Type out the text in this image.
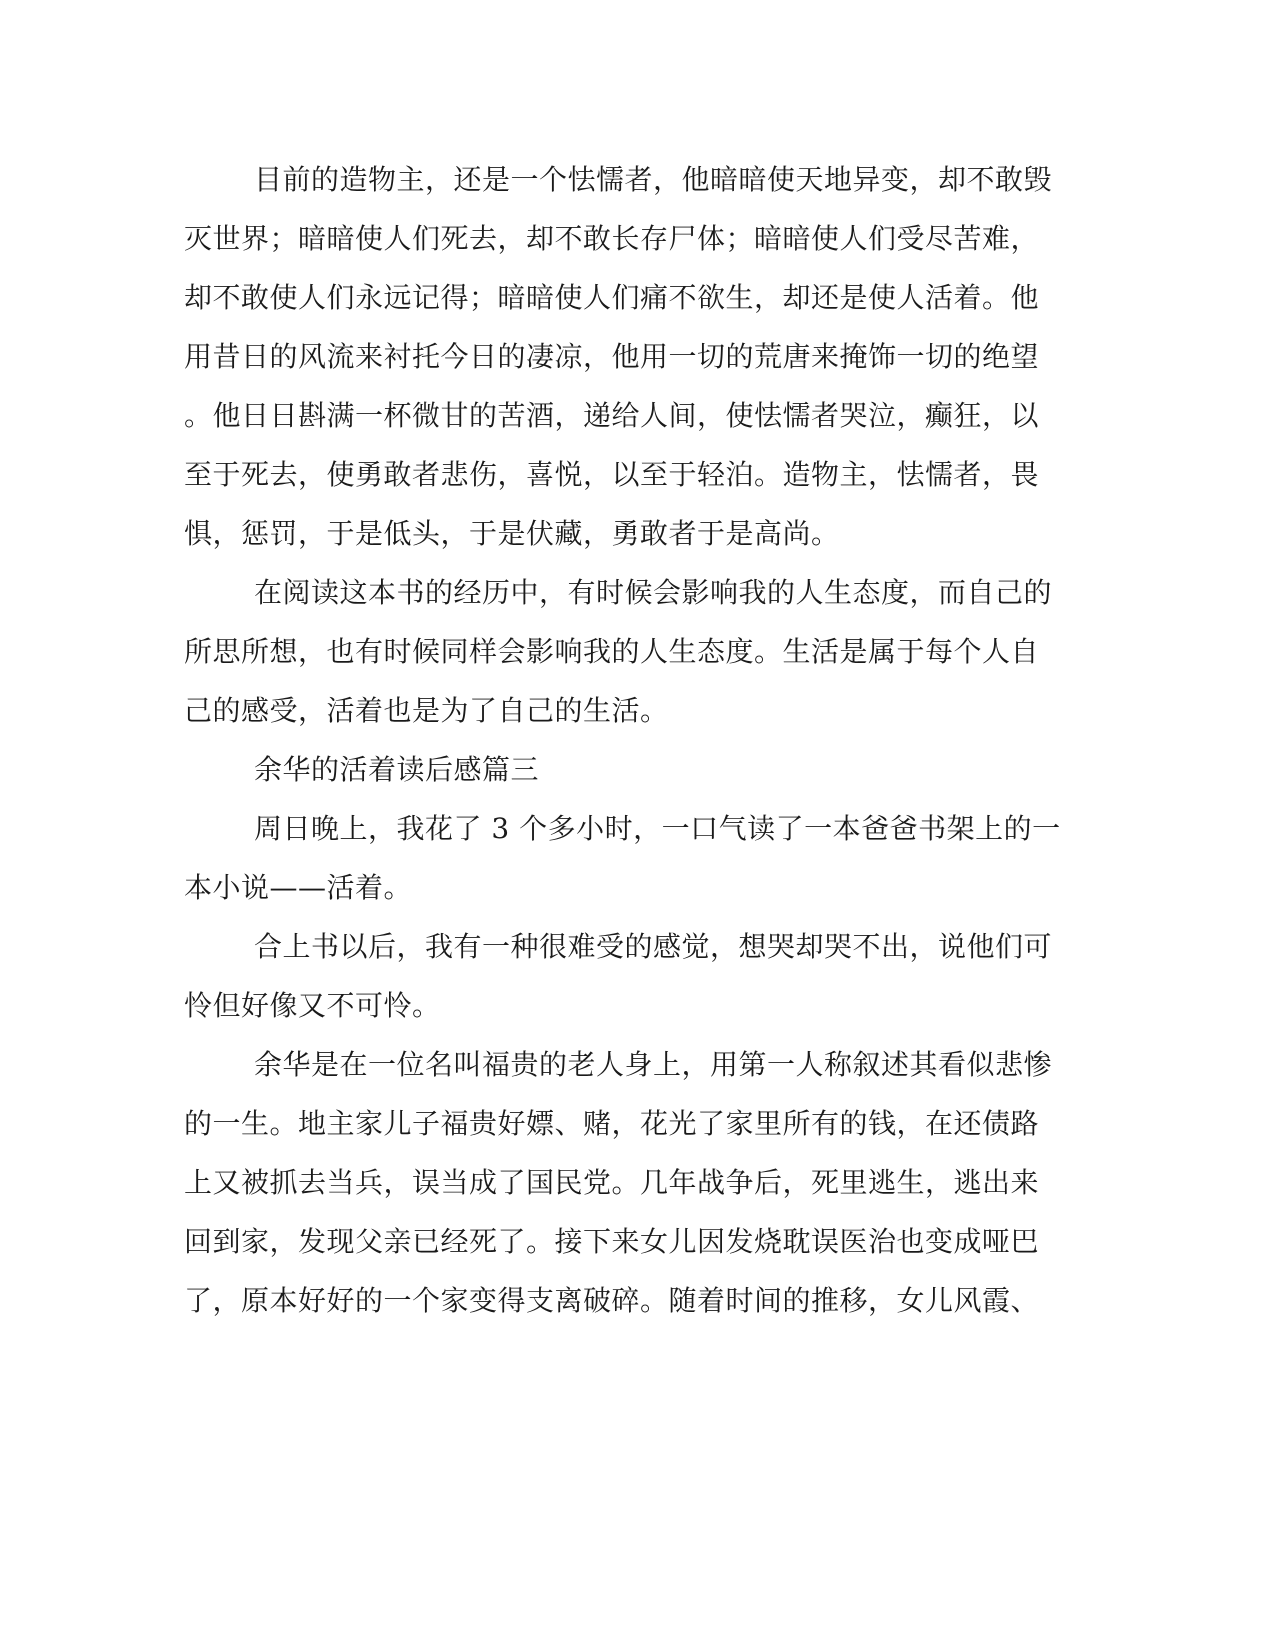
目前的造物主，还是一个怯懦者，他暗暗使天地异变，却不敢毁
灭世界；暗暗使人们死去，却不敢长存尸体；暗暗使人们受尽苦难，
却不敢使人们永远记得；暗暗使人们痛不欲生，却还是使人活着。他
用昔日的风流来衬托今日的凄凉，他用一切的荒唐来掩饰一切的绝望
。他日日斟满一杯微甘的苦酒，递给人间，使怯懦者哭泣，癫狂，以
至于死去，使勇敢者悲伤，喜悦，以至于轻泊。造物主，怯懦者，畏
惧，惩罚，于是低头，于是伏藏，勇敢者于是高尚。
在阅读这本书的经历中，有时候会影响我的人生态度，而自己的
所思所想，也有时候同样会影响我的人生态度。生活是属于每个人自
己的感受，活着也是为了自己的生活。
余华的活着读后感篇三
周日晚上，我花了 3 个多小时，一口气读了一本爸爸书架上的一
本小说——活着。
合上书以后，我有一种很难受的感觉，想哭却哭不出，说他们可
怜但好像又不可怜。
余华是在一位名叫福贵的老人身上，用第一人称叙述其看似悲惨
的一生。地主家儿子福贵好嫖、赌，花光了家里所有的钱，在还债路
上又被抓去当兵，误当成了国民党。几年战争后，死里逃生，逃出来
回到家，发现父亲已经死了。接下来女儿因发烧耽误医治也变成哑巴
了，原本好好的一个家变得支离破碎。随着时间的推移，女儿风霞、
